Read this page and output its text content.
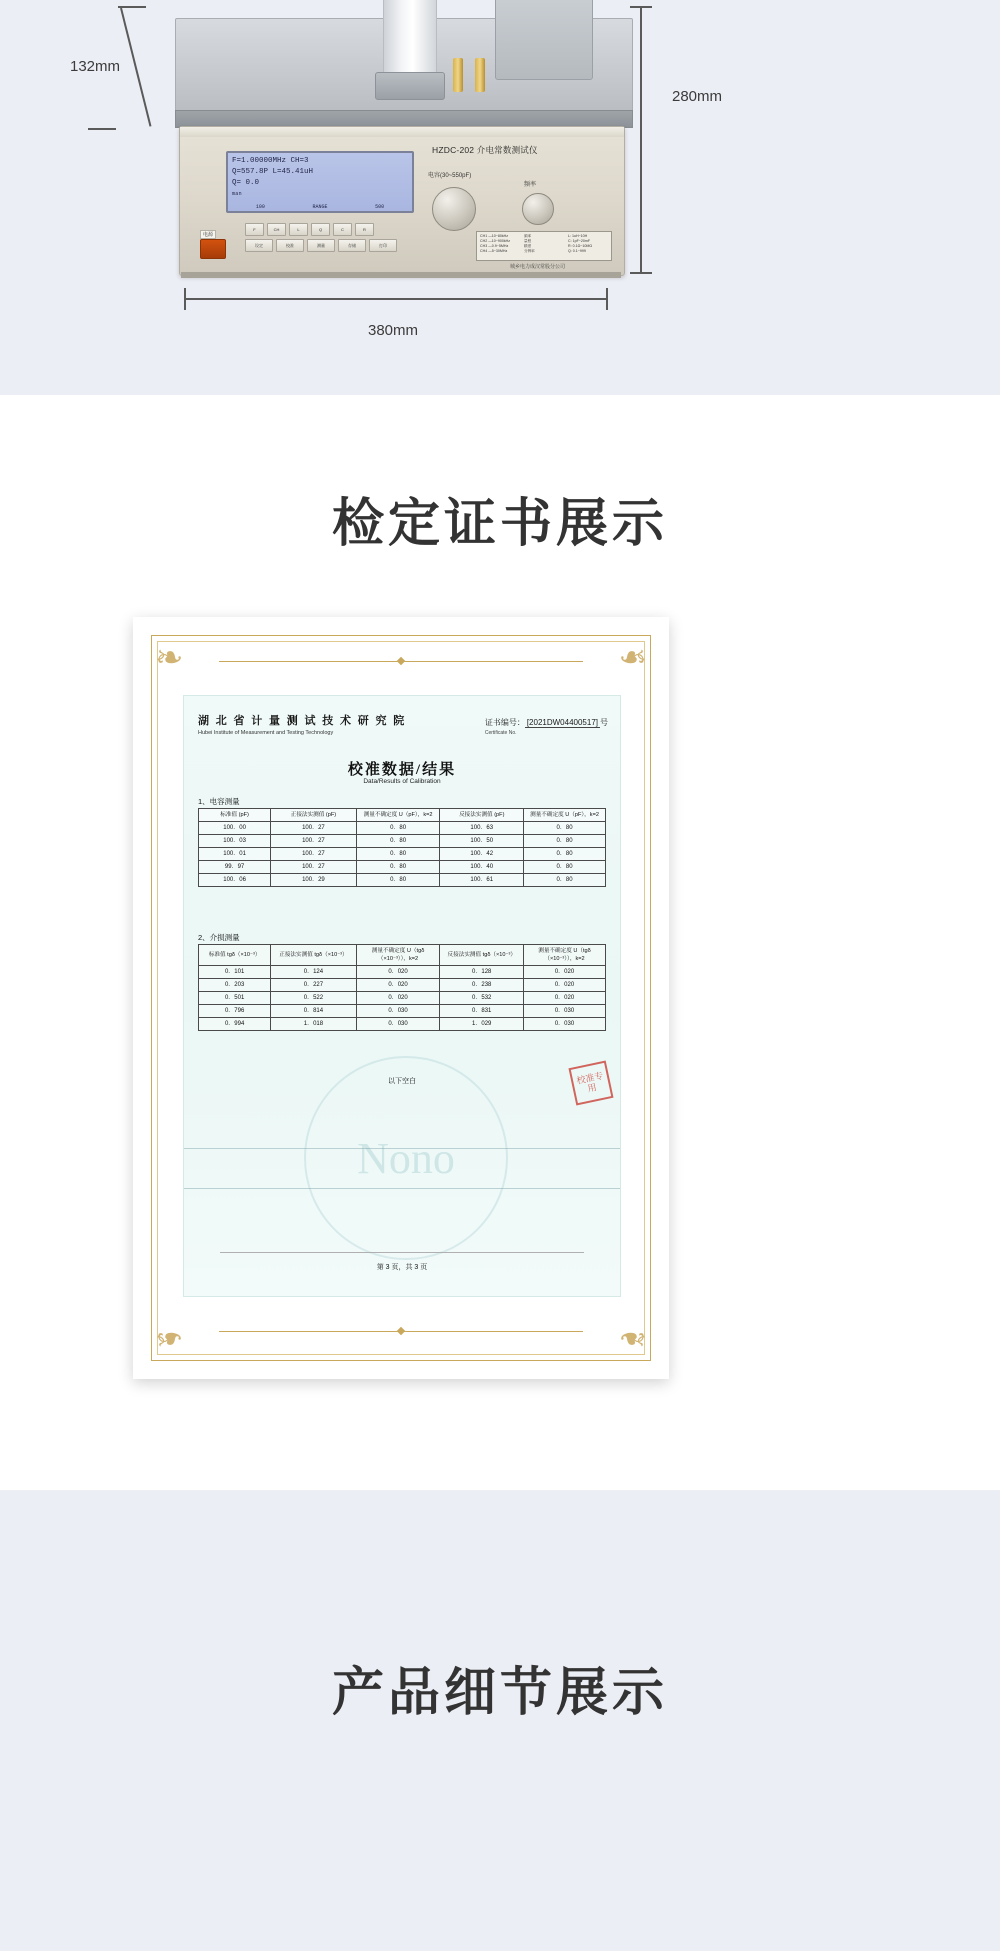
132mm
280mm
380mm
F=1.00000MHz CH=3
Q=557.8P L=45.41uH
Q= 0.0
man
100	RANGE	500
HZDC-202 介电常数测试仪
电容(30~550pF)
频率
CH1 —10~80kHz
CH2 —10~900kHz
CH3 —0.9~5MHz
CH4 —5~30MHz
频率
量程
精度
分辨率
L: 1uH~10H
C: 1pF~20mF
R: 0.1Ω~10MΩ
Q: 0.1~999
城乡电力成汉常股分公司
F	CH	L	Q	C	R
设定	校准	测量	存储	打印
电源
检定证书展示
❧	❧
❧	❧
Nono
湖 北 省 计 量 测 试 技 术 研 究 院
Hubei Institute of Measurement and Testing Technology
证书编号： [2021DW04400517] 号
Certificate No.
校准数据/结果
Data/Results of Calibration
1、电容测量
标准值 (pF)	正接法实测值 (pF)	测量不确定度 U（pF），k=2	反接法实测值 (pF)	测量不确定度 U（pF），k=2
100．00	100．27	0．80	100．63	0．80
100．03	100．27	0．80	100．50	0．80
100．01	100．27	0．80	100．42	0．80
99．97	100．27	0．80	100．40	0．80
100．06	100．29	0．80	100．61	0．80
2、介损测量
标准值 tgδ（×10⁻³）	正接法实测值 tgδ（×10⁻³）	测量不确定度 U（tgδ（×10⁻³）），k=2	反接法实测值 tgδ（×10⁻³）	测量不确定度 U（tgδ（×10⁻³）），k=2
0．101	0．124	0．020	0．128	0．020
0．203	0．227	0．020	0．238	0．020
0．501	0．522	0．020	0．532	0．020
0．796	0．814	0．030	0．831	0．030
0．994	1．018	0．030	1．029	0．030
校准专用
以下空白
第 3 页，共 3 页
产品细节展示
